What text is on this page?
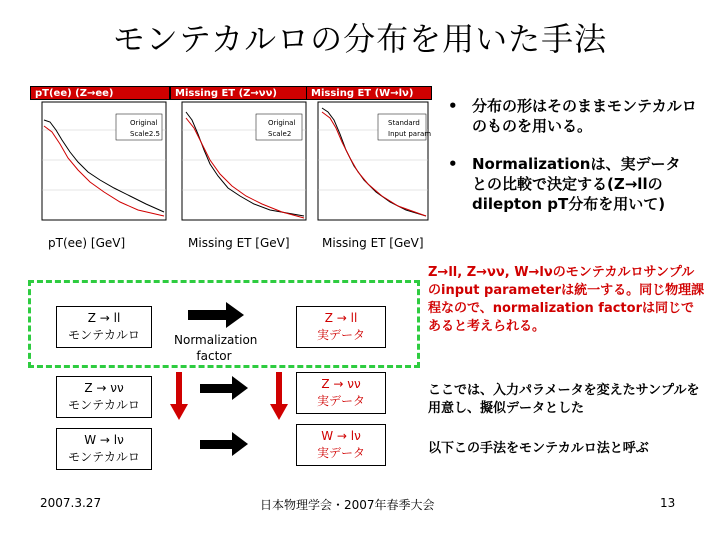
モンテカルロの分布を用いた手法
pT(ee) (Z→ee)
Original
Scale2.5
pT(ee) [GeV]
Missing ET (Z→νν)
Original
Scale2
Missing ET [GeV]
Missing ET (W→lν)
Standard
Input param
Missing ET [GeV]
• 分布の形はそのままモンテカルロのものを用いる。
• Normalizationは、実データとの比較で決定する(Z→llのdilepton pT分布を用いて)
Z → ll
モンテカルロ
Z → νν
モンテカルロ
W → lν
モンテカルロ
Normalization
factor
Z → ll
実データ
Z → νν
実データ
W → lν
実データ
Z→ll, Z→νν, W→lνのモンテカルロサンプルのinput parameterは統一する。同じ物理課程なので、normalization factorは同じであると考えられる。
ここでは、入力パラメータを変えたサンプルを用意し、擬似データとした
以下この手法をモンテカルロ法と呼ぶ
2007.3.27	日本物理学会・2007年春季大会	13
